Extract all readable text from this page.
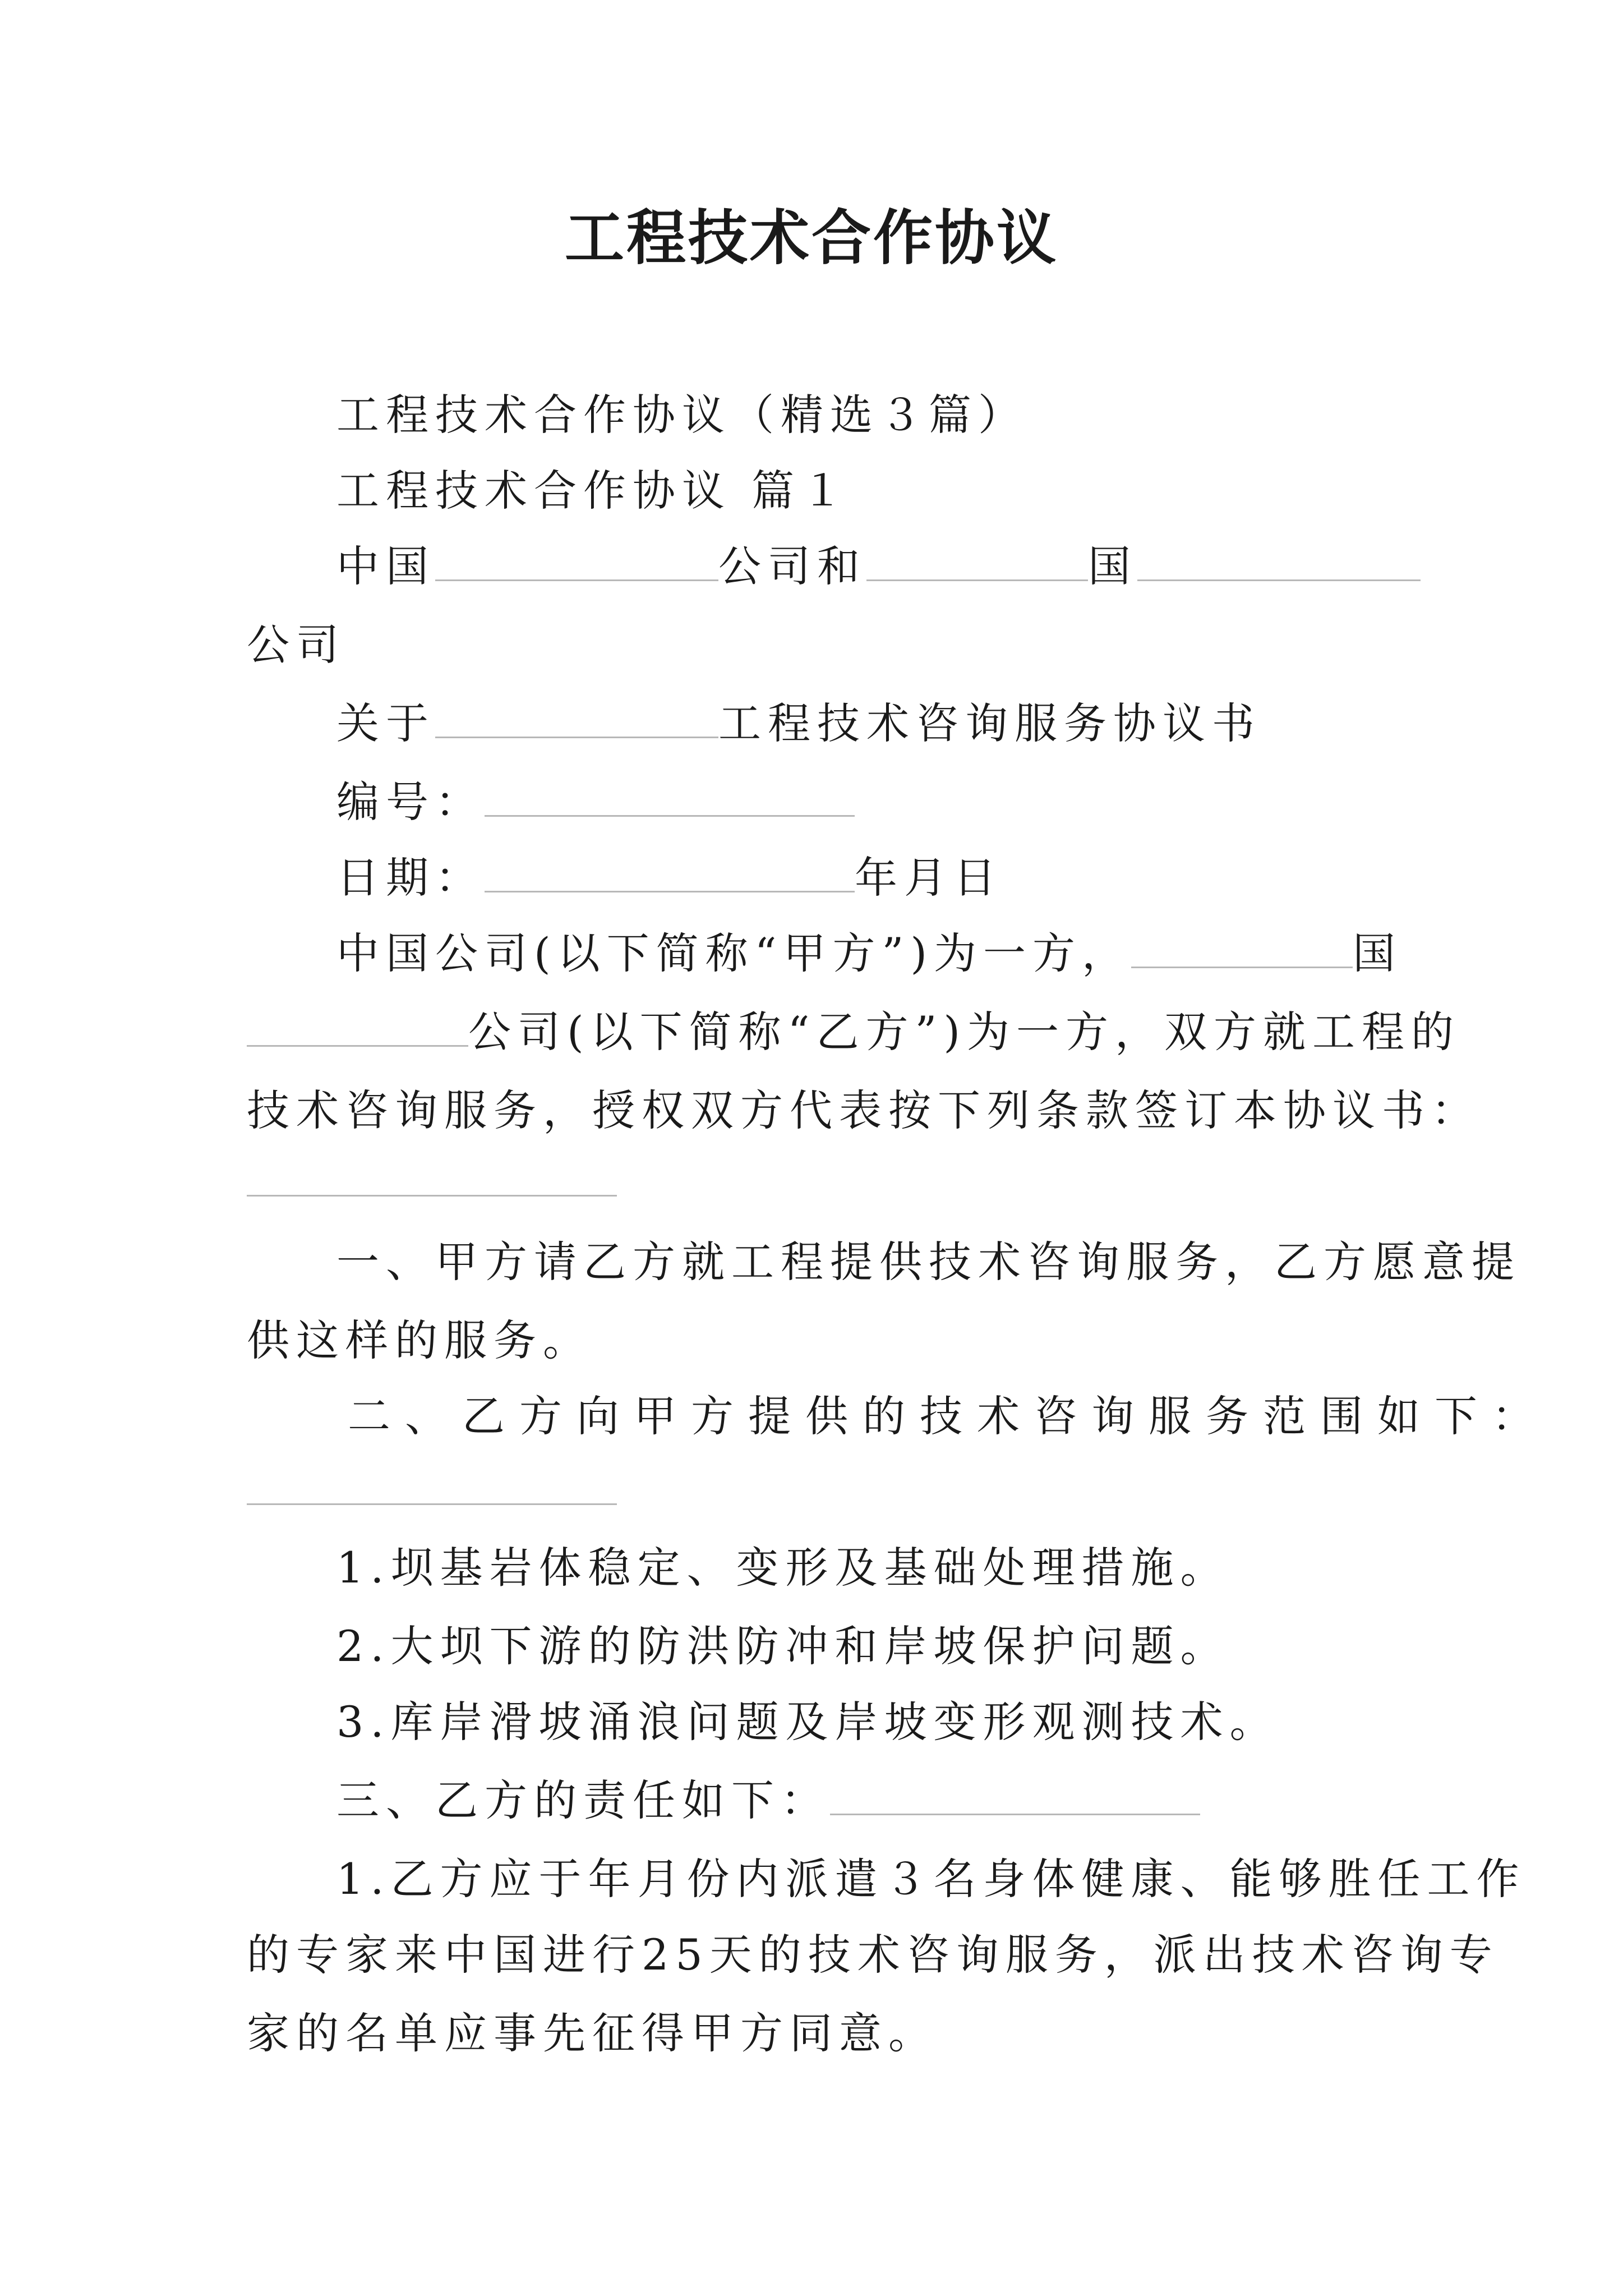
工程技术合作协议
工程技术合作协议（精选３篇）
工程技术合作协议 篇１
中国	公司和	国
公司
关于	工程技术咨询服务协议书
编号：
日期：	年月日
中国公司(以下简称“甲方”)为一方，	国
公司(以下简称“乙方”)为一方，双方就工程的
技术咨询服务，授权双方代表按下列条款签订本协议书：
一、甲方请乙方就工程提供技术咨询服务，乙方愿意提
供这样的服务。
二、乙方向甲方提供的技术咨询服务范围如下：
1.坝基岩体稳定、变形及基础处理措施。
2.大坝下游的防洪防冲和岸坡保护问题。
3.库岸滑坡涌浪问题及岸坡变形观测技术。
三、乙方的责任如下：
1.乙方应于年月份内派遣３名身体健康、能够胜任工作
的专家来中国进行25天的技术咨询服务，派出技术咨询专
家的名单应事先征得甲方同意。
